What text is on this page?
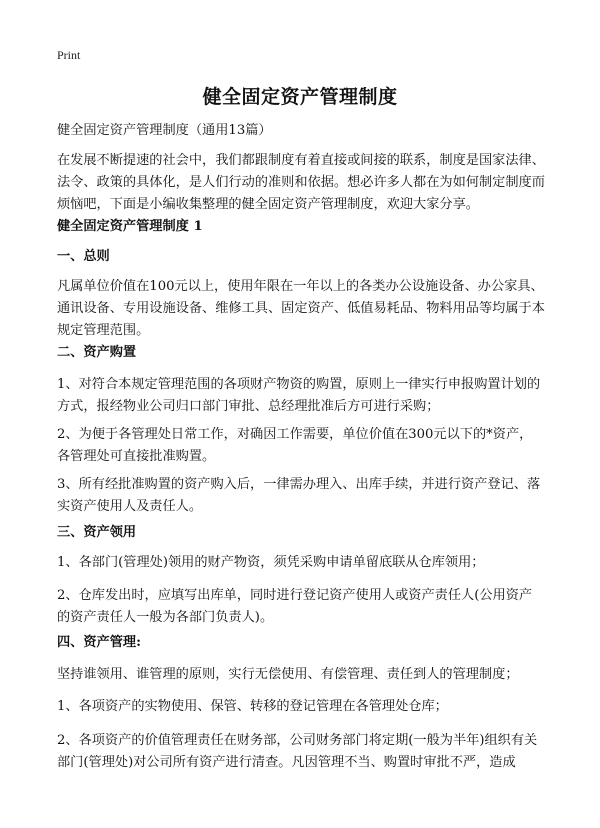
Print
健全固定资产管理制度

健全固定资产管理制度（通用13篇）

在发展不断提速的社会中，我们都跟制度有着直接或间接的联系，制度是国家法律、法令、政策的具体化，是人们行动的准则和依据。想必许多人都在为如何制定制度而烦恼吧，下面是小编收集整理的健全固定资产管理制度，欢迎大家分享。

健全固定资产管理制度 1

一、总则

凡属单位价值在100元以上，使用年限在一年以上的各类办公设施设备、办公家具、通讯设备、专用设施设备、维修工具、固定资产、低值易耗品、物料用品等均属于本规定管理范围。

二、资产购置

1、对符合本规定管理范围的各项财产物资的购置，原则上一律实行申报购置计划的方式，报经物业公司归口部门审批、总经理批准后方可进行采购；

2、为便于各管理处日常工作，对确因工作需要，单位价值在300元以下的*资产，各管理处可直接批准购置。

3、所有经批准购置的资产购入后，一律需办理入、出库手续，并进行资产登记、落实资产使用人及责任人。

三、资产领用

1、各部门(管理处)领用的财产物资，须凭采购申请单留底联从仓库领用；

2、仓库发出时，应填写出库单，同时进行登记资产使用人或资产责任人(公用资产的资产责任人一般为各部门负责人)。

四、资产管理:

坚持谁领用、谁管理的原则，实行无偿使用、有偿管理、责任到人的管理制度；

1、各项资产的实物使用、保管、转移的登记管理在各管理处仓库；

2、各项资产的价值管理责任在财务部，公司财务部门将定期(一般为半年)组织有关部门(管理处)对公司所有资产进行清查。凡因管理不当、购置时审批不严，造成
